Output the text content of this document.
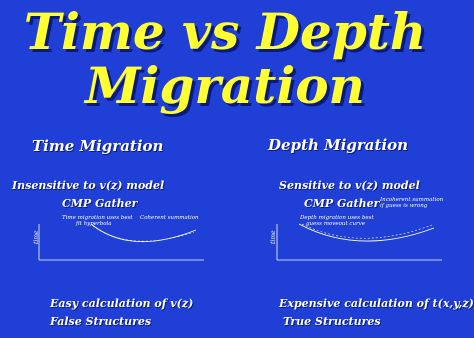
Time vs Depth
Migration
Time Migration
Insensitive to v(z) model
CMP Gather
Time migration uses best
fit hyperbola
Coherent summation
time
Easy calculation of v(z)
False Structures
Depth Migration
Sensitive to v(z) model
CMP Gather Incoherent summation
if guess is wrong
Depth migration uses best
guess moveout curve
time
Expensive calculation of t(x,y,z)
True Structures
